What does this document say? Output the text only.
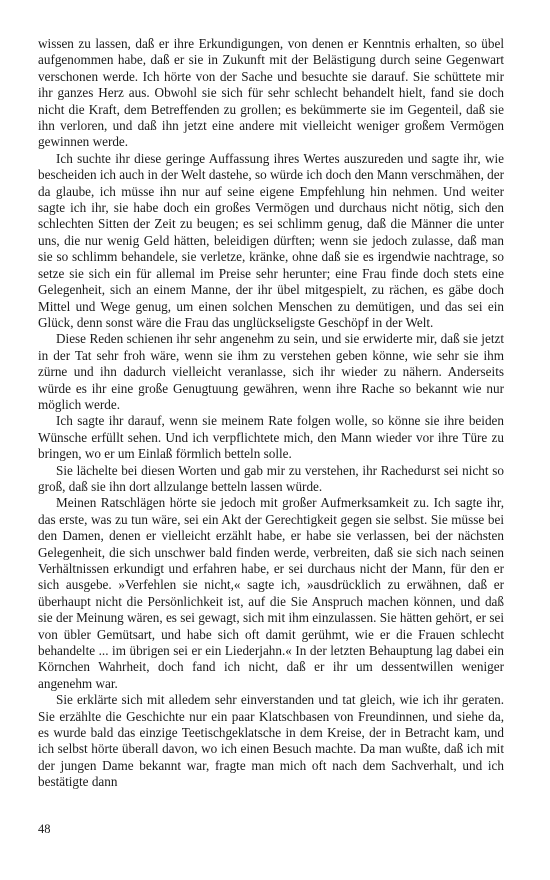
wissen zu lassen, daß er ihre Erkundigungen, von denen er Kenntnis erhalten, so übel aufgenommen habe, daß er sie in Zukunft mit der Belästigung durch seine Gegenwart verschonen werde. Ich hörte von der Sache und besuchte sie darauf. Sie schüttete mir ihr ganzes Herz aus. Obwohl sie sich für sehr schlecht behandelt hielt, fand sie doch nicht die Kraft, dem Betreffenden zu grollen; es bekümmerte sie im Gegenteil, daß sie ihn verloren, und daß ihn jetzt eine andere mit vielleicht weniger großem Vermögen gewinnen werde.

Ich suchte ihr diese geringe Auffassung ihres Wertes auszureden und sagte ihr, wie bescheiden ich auch in der Welt dastehe, so würde ich doch den Mann verschmähen, der da glaube, ich müsse ihn nur auf seine eigene Empfehlung hin nehmen. Und weiter sagte ich ihr, sie habe doch ein großes Vermögen und durchaus nicht nötig, sich den schlechten Sitten der Zeit zu beugen; es sei schlimm genug, daß die Männer die unter uns, die nur wenig Geld hätten, beleidigen dürften; wenn sie jedoch zulasse, daß man sie so schlimm behandele, sie verletze, kränke, ohne daß sie es irgendwie nachtrage, so setze sie sich ein für allemal im Preise sehr herunter; eine Frau finde doch stets eine Gelegenheit, sich an einem Manne, der ihr übel mitgespielt, zu rächen, es gäbe doch Mittel und Wege genug, um einen solchen Menschen zu demütigen, und das sei ein Glück, denn sonst wäre die Frau das unglückseligste Geschöpf in der Welt.

Diese Reden schienen ihr sehr angenehm zu sein, und sie erwiderte mir, daß sie jetzt in der Tat sehr froh wäre, wenn sie ihm zu verstehen geben könne, wie sehr sie ihm zürne und ihn dadurch vielleicht veranlasse, sich ihr wieder zu nähern. Anderseits würde es ihr eine große Genugtuung gewähren, wenn ihre Rache so bekannt wie nur möglich werde.

Ich sagte ihr darauf, wenn sie meinem Rate folgen wolle, so könne sie ihre beiden Wünsche erfüllt sehen. Und ich verpflichtete mich, den Mann wieder vor ihre Türe zu bringen, wo er um Einlaß förmlich betteln solle.

Sie lächelte bei diesen Worten und gab mir zu verstehen, ihr Rachedurst sei nicht so groß, daß sie ihn dort allzulange betteln lassen würde.

Meinen Ratschlägen hörte sie jedoch mit großer Aufmerksamkeit zu. Ich sagte ihr, das erste, was zu tun wäre, sei ein Akt der Gerechtigkeit gegen sie selbst. Sie müsse bei den Damen, denen er vielleicht erzählt habe, er habe sie verlassen, bei der nächsten Gelegenheit, die sich unschwer bald finden werde, verbreiten, daß sie sich nach seinen Verhältnissen erkundigt und erfahren habe, er sei durchaus nicht der Mann, für den er sich ausgebe. »Verfehlen sie nicht,« sagte ich, »ausdrücklich zu erwähnen, daß er überhaupt nicht die Persönlichkeit ist, auf die Sie Anspruch machen können, und daß sie der Meinung wären, es sei gewagt, sich mit ihm einzulassen. Sie hätten gehört, er sei von übler Gemütsart, und habe sich oft damit gerühmt, wie er die Frauen schlecht behandelte ... im übrigen sei er ein Liederjahn.« In der letzten Behauptung lag dabei ein Körnchen Wahrheit, doch fand ich nicht, daß er ihr um dessentwillen weniger angenehm war.

Sie erklärte sich mit alledem sehr einverstanden und tat gleich, wie ich ihr geraten. Sie erzählte die Geschichte nur ein paar Klatschbasen von Freundinnen, und siehe da, es wurde bald das einzige Teetischgeklatsche in dem Kreise, der in Betracht kam, und ich selbst hörte überall davon, wo ich einen Besuch machte. Da man wußte, daß ich mit der jungen Dame bekannt war, fragte man mich oft nach dem Sachverhalt, und ich bestätigte dann

48
